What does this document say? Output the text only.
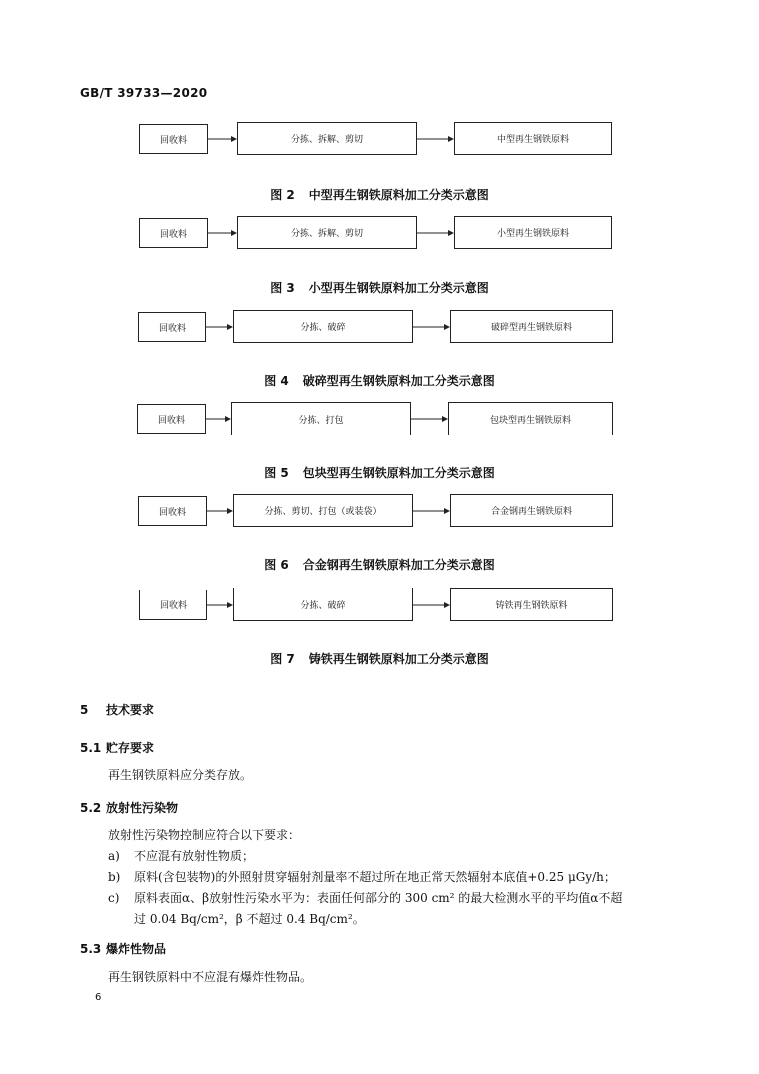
GB/T 39733—2020
回收料	分拣、拆解、剪切	中型再生钢铁原料
图 2 中型再生钢铁原料加工分类示意图
回收料	分拣、拆解、剪切	小型再生钢铁原料
图 3 小型再生钢铁原料加工分类示意图
回收料	分拣、破碎	破碎型再生钢铁原料
图 4 破碎型再生钢铁原料加工分类示意图
回收料	分拣、打包	包块型再生钢铁原料
图 5 包块型再生钢铁原料加工分类示意图
回收料	分拣、剪切、打包（或装袋）	合金钢再生钢铁原料
图 6 合金钢再生钢铁原料加工分类示意图
回收料	分拣、破碎	铸铁再生钢铁原料
图 7 铸铁再生钢铁原料加工分类示意图
5 技术要求
5.1 贮存要求
再生钢铁原料应分类存放。
5.2 放射性污染物
放射性污染物控制应符合以下要求：
a) 不应混有放射性物质；
b) 原料(含包装物)的外照射贯穿辐射剂量率不超过所在地正常天然辐射本底值+0.25 μGy/h；
c) 原料表面α、β放射性污染水平为：表面任何部分的 300 cm² 的最大检测水平的平均值α不超
过 0.04 Bq/cm²，β 不超过 0.4 Bq/cm²。
5.3 爆炸性物品
再生钢铁原料中不应混有爆炸性物品。
6
